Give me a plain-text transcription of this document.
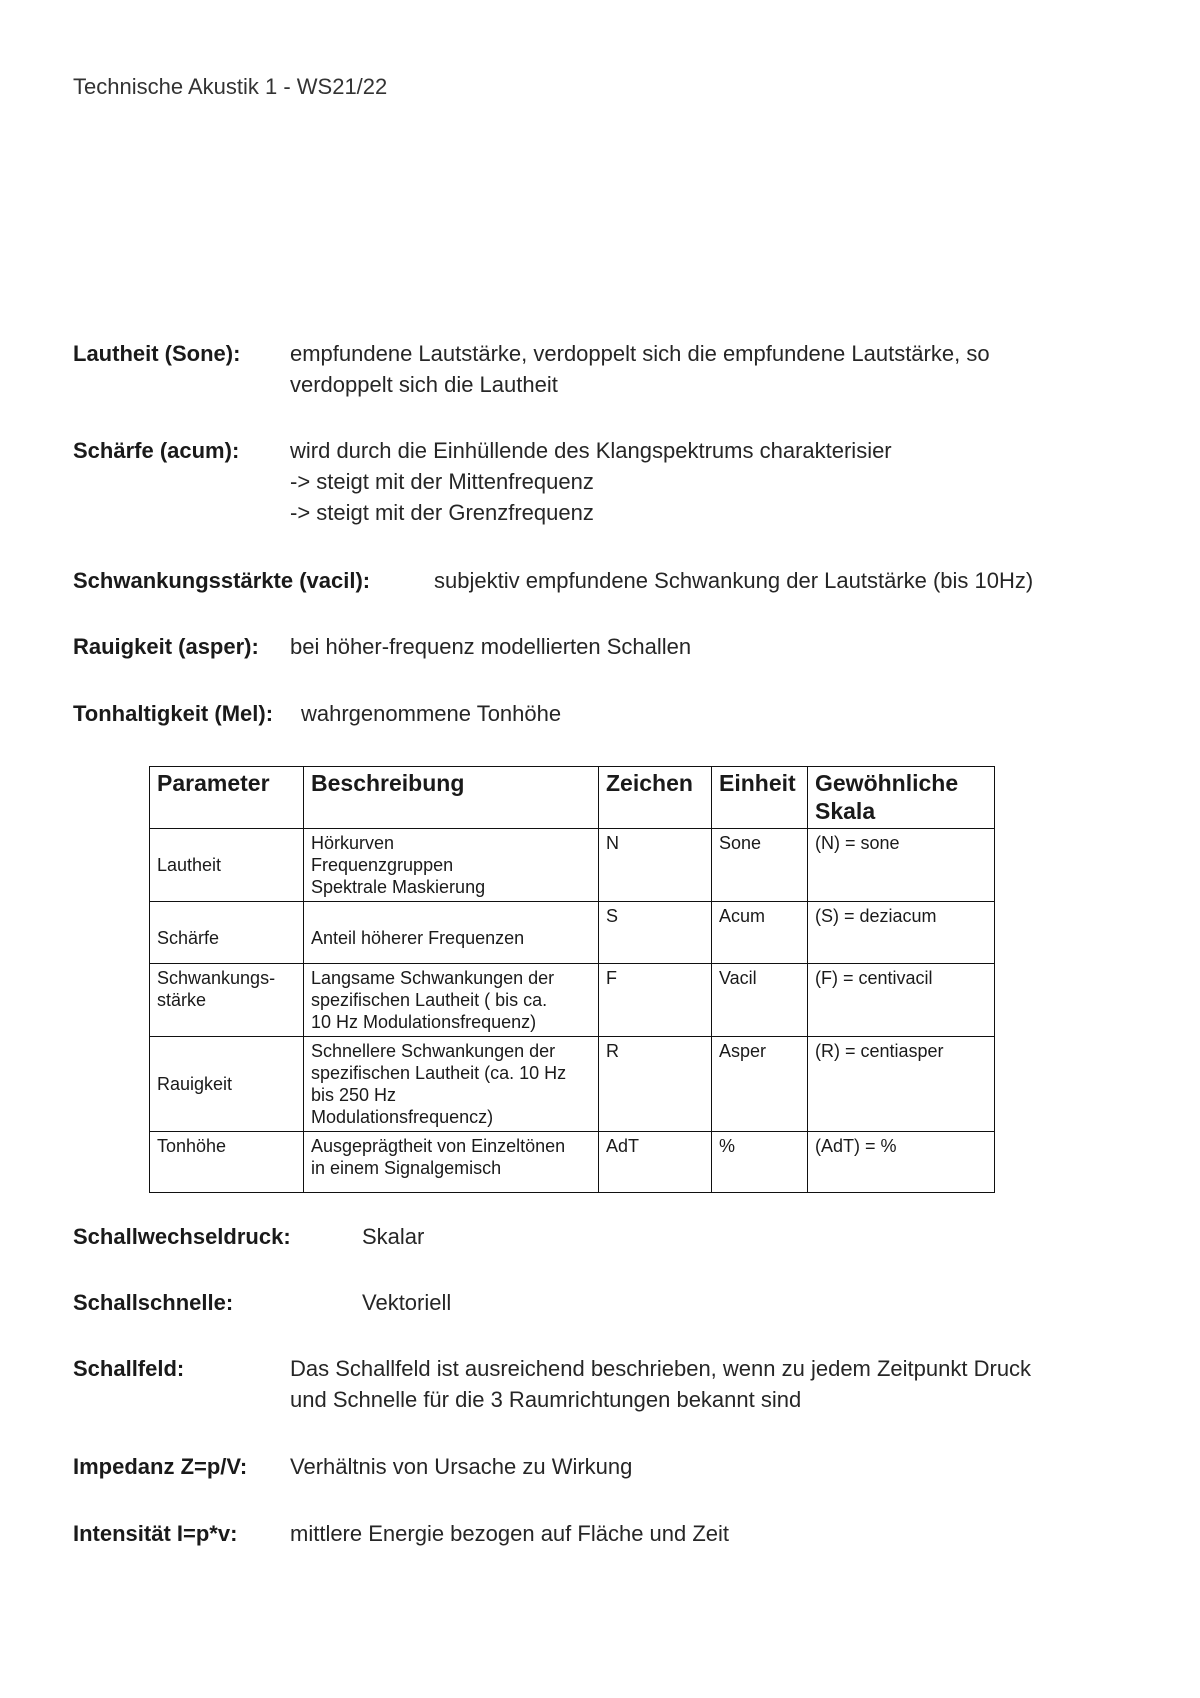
Technische Akustik 1 - WS21/22
Lautheit (Sone): empfundene Lautstärke, verdoppelt sich die empfundene Lautstärke, so
verdoppelt sich die Lautheit
Schärfe (acum): wird durch die Einhüllende des Klangspektrums charakterisier
-> steigt mit der Mittenfrequenz
-> steigt mit der Grenzfrequenz
Schwankungsstärkte (vacil):	subjektiv empfundene Schwankung der Lautstärke (bis 10Hz)
Rauigkeit (asper): bei höher-frequenz modellierten Schallen
Tonhaltigkeit (Mel): wahrgenommene Tonhöhe
Parameter	Beschreibung	Zeichen	Einheit	Gewöhnliche
Skala

Lautheit	Hörkurven
Frequenzgruppen
Spektrale Maskierung	N	Sone	(N) = sone

Schärfe	Anteil höherer Frequenzen	S	Acum	(S) = deziacum

Schwankungs-
stärke	Langsame Schwankungen der
spezifischen Lautheit ( bis ca.
10 Hz Modulationsfrequenz)	F	Vacil	(F) = centivacil

Rauigkeit	Schnellere Schwankungen der
spezifischen Lautheit (ca. 10 Hz
bis 250 Hz
Modulationsfrequencz)	R	Asper	(R) = centiasper

Tonhöhe	Ausgeprägtheit von Einzeltönen
in einem Signalgemisch	AdT	%	(AdT) = %
Schallwechseldruck:	Skalar
Schallschnelle:	Vektoriell
Schallfeld:	Das Schallfeld ist ausreichend beschrieben, wenn zu jedem Zeitpunkt Druck
und Schnelle für die 3 Raumrichtungen bekannt sind
Impedanz Z=p/V: Verhältnis von Ursache zu Wirkung
Intensität I=p*v: mittlere Energie bezogen auf Fläche und Zeit
